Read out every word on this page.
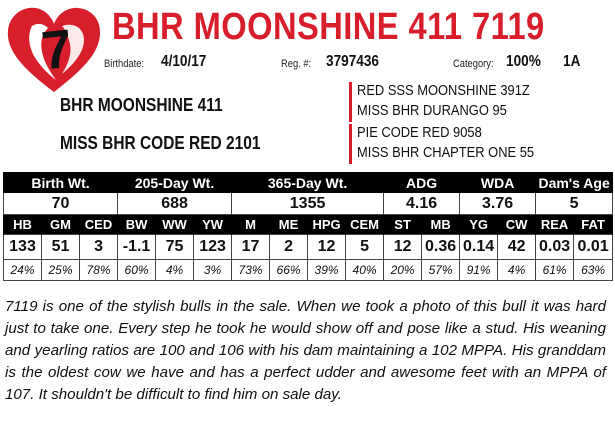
7 BHR MOONSHINE 411 7119
Birthdate: 4/10/17	Reg. #: 3797436	Category: 100% 1A
BHR MOONSHINE 411
MISS BHR CODE RED 2101
RED SSS MOONSHINE 391Z
MISS BHR DURANGO 95
PIE CODE RED 9058
MISS BHR CHAPTER ONE 55
Birth Wt.			205-Day Wt.			365-Day Wt.				ADG		WDA		Dam's Age	
70			688			1355				4.16		3.76		5	
HB	GM	CED	BW	WW	YW	M	ME	HPG	CEM	ST	MB	YG	CW	REA	FAT
133	51	3	-1.1	75	123	17	2	12	5	12	0.36	0.14	42	0.03	0.01
24%	25%	78%	60%	4%	3%	73%	66%	39%	40%	20%	57%	91%	4%	61%	63%
7119 is one of the stylish bulls in the sale. When we took a photo of this bull it was hard just to take one. Every step he took he would show off and pose like a stud. His weaning and yearling ratios are 100 and 106 with his dam maintaining a 102 MPPA. His granddam is the oldest cow we have and has a perfect udder and awesome feet with an MPPA of 107. It shouldn't be difficult to find him on sale day.
